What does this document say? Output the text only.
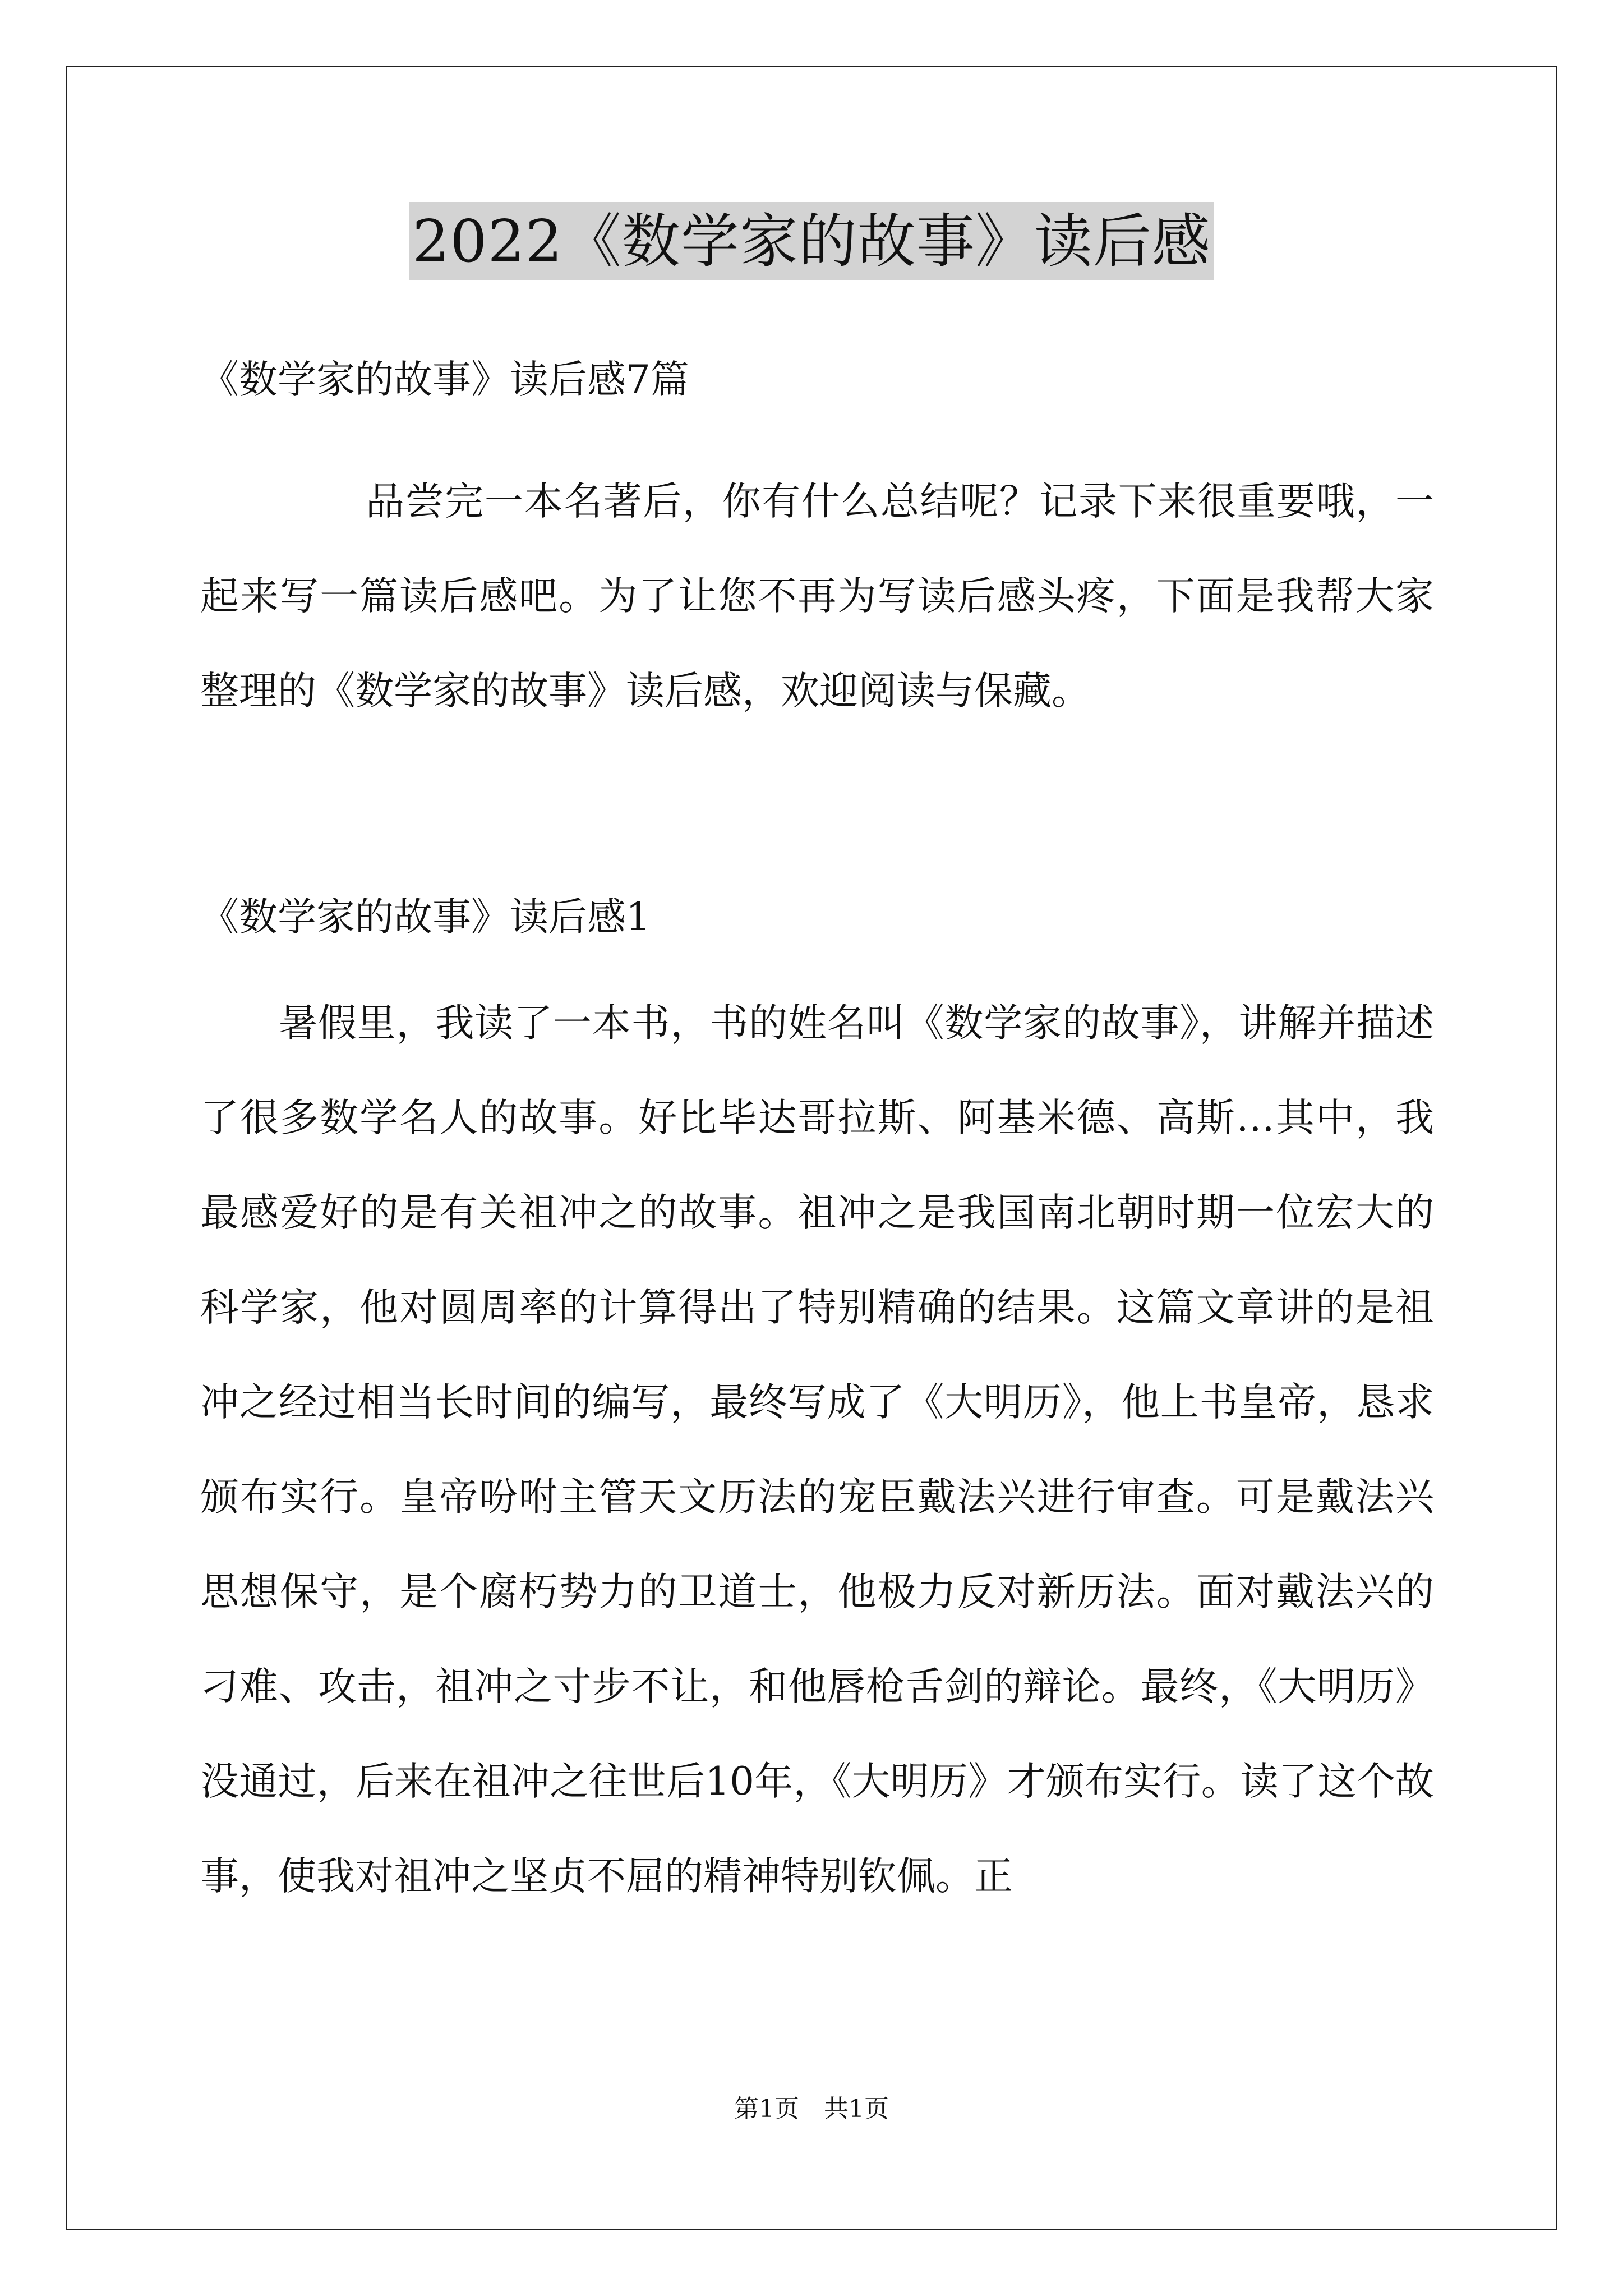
2022《数学家的故事》读后感

《数学家的故事》读后感7篇

品尝完一本名著后，你有什么总结呢？记录下来很重要哦，一起来写一篇读后感吧。为了让您不再为写读后感头疼，下面是我帮大家整理的《数学家的故事》读后感，欢迎阅读与保藏。

《数学家的故事》读后感1

暑假里，我读了一本书，书的姓名叫《数学家的故事》，讲解并描述了很多数学名人的故事。好比毕达哥拉斯、阿基米德、高斯…其中，我最感爱好的是有关祖冲之的故事。祖冲之是我国南北朝时期一位宏大的科学家，他对圆周率的计算得出了特别精确的结果。这篇文章讲的是祖冲之经过相当长时间的编写，最终写成了《大明历》，他上书皇帝，恳求颁布实行。皇帝吩咐主管天文历法的宠臣戴法兴进行审查。可是戴法兴思想保守，是个腐朽势力的卫道士，他极力反对新历法。面对戴法兴的刁难、攻击，祖冲之寸步不让，和他唇枪舌剑的辩论。最终，《大明历》没通过，后来在祖冲之往世后10年，《大明历》才颁布实行。读了这个故事，使我对祖冲之坚贞不屈的精神特别钦佩。正

第1页　共1页
